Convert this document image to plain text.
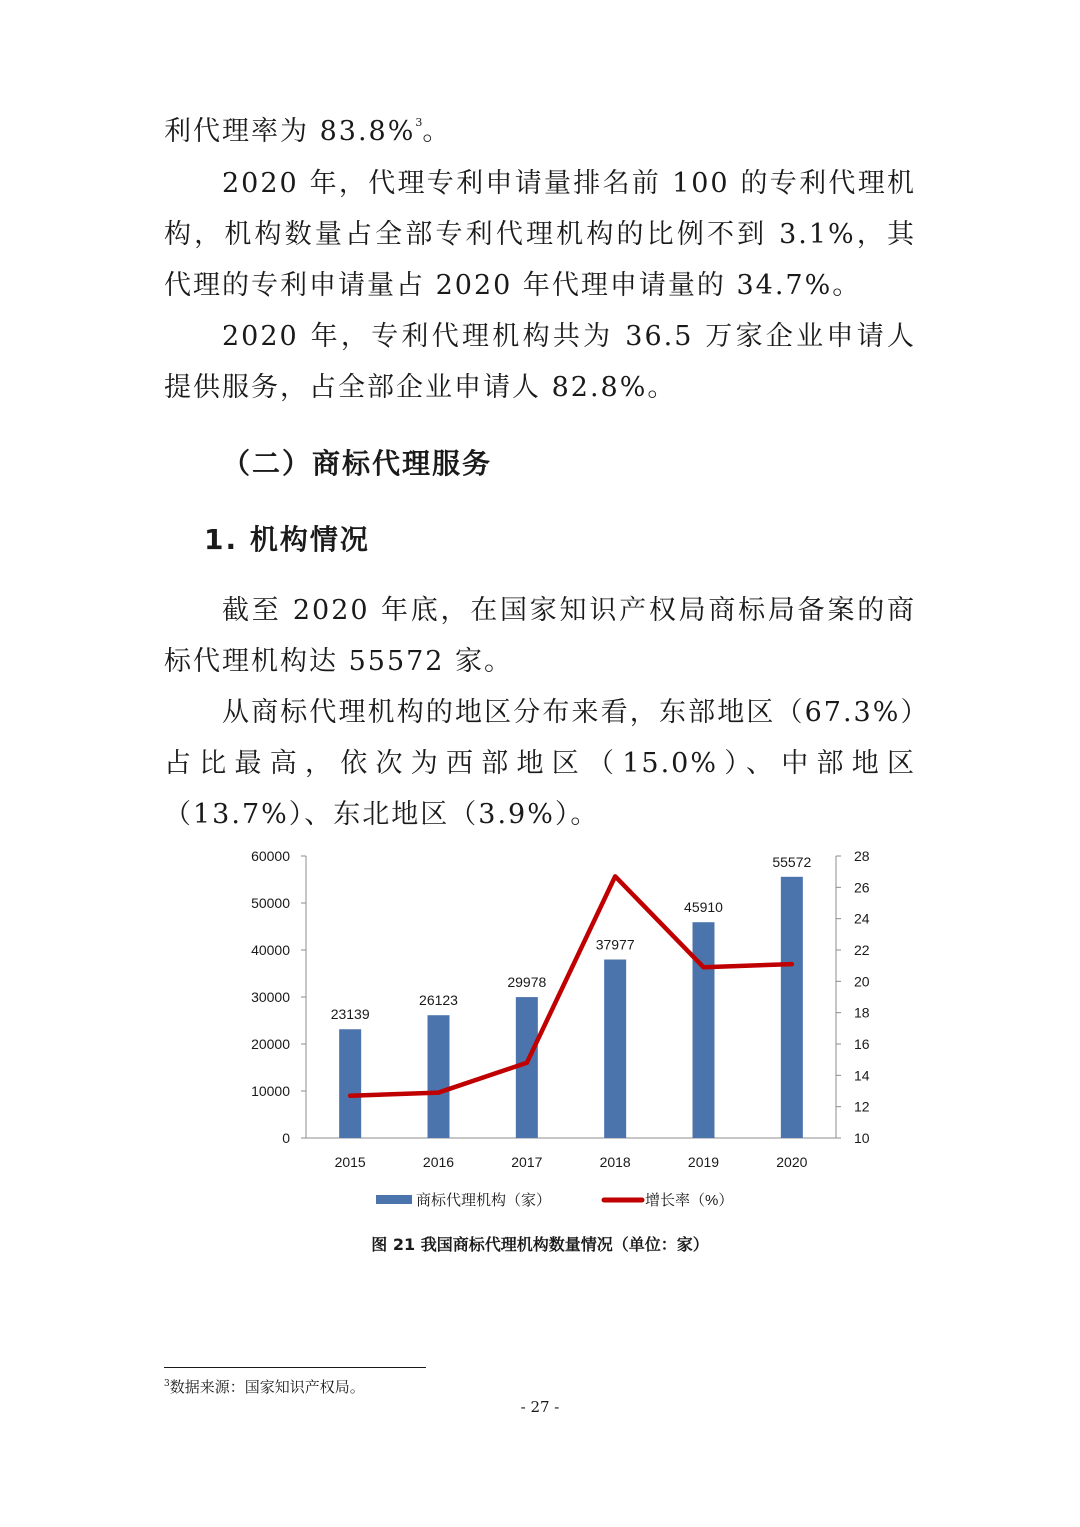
利代理率为 83.8%$^3$。

2020 年，代理专利申请量排名前 100 的专利代理机构，机构数量占全部专利代理机构的比例不到 3.1%，其代理的专利申请量占 2020 年代理申请量的 34.7%。

2020 年，专利代理机构共为 36.5 万家企业申请人提供服务，占全部企业申请人 82.8%。

（二）商标代理服务
1. 机构情况

截至 2020 年底，在国家知识产权局商标局备案的商标代理机构达 55572 家。

从商标代理机构的地区分布来看，东部地区（67.3%）占比最高，依次为西部地区（15.0%）、中部地区（13.7%）、东北地区（3.9%）。

0
10000
20000
30000
40000
50000
60000
10
12
14
16
18
20
22
24
26
28
23139
2015
26123
2016
29978
2017
37977
2018
45910
2019
55572
2020
商标代理机构（家）	增长率（%）
图 21 我国商标代理机构数量情况（单位：家）
$^3$数据来源：国家知识产权局。
- 27 -
